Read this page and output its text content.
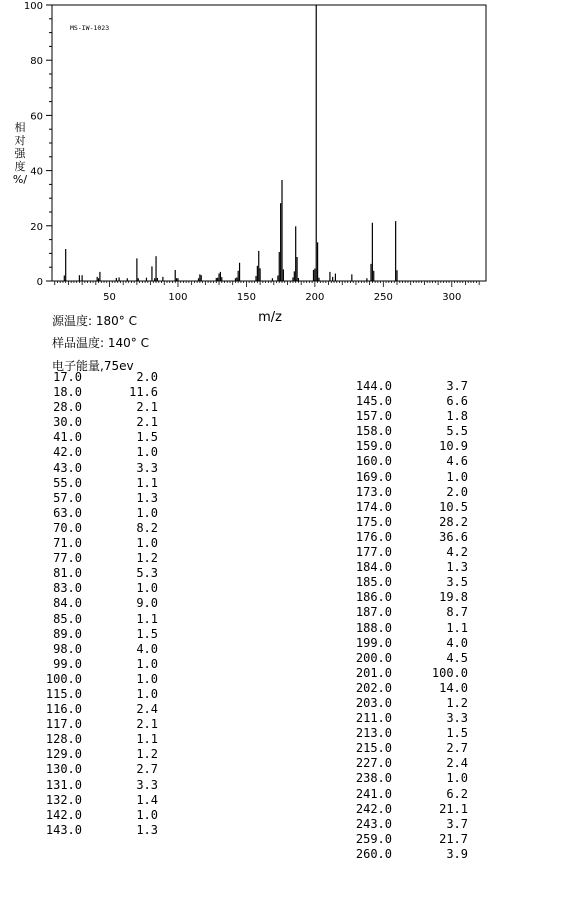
0
20
40
60
80
100
50	100	150	200	250	300
m/z
相
对
强
度
%/
MS-IW-1023
源温度: 180° C
样品温度: 140° C
电子能量,75ev
17.0	2.0
18.0	11.6
28.0	2.1
30.0	2.1
41.0	1.5
42.0	1.0
43.0	3.3
55.0	1.1
57.0	1.3
63.0	1.0
70.0	8.2
71.0	1.0
77.0	1.2
81.0	5.3
83.0	1.0
84.0	9.0
85.0	1.1
89.0	1.5
98.0	4.0
99.0	1.0
100.0	1.0
115.0	1.0
116.0	2.4
117.0	2.1
128.0	1.1
129.0	1.2
130.0	2.7
131.0	3.3
132.0	1.4
142.0	1.0
143.0	1.3
144.0	3.7
145.0	6.6
157.0	1.8
158.0	5.5
159.0	10.9
160.0	4.6
169.0	1.0
173.0	2.0
174.0	10.5
175.0	28.2
176.0	36.6
177.0	4.2
184.0	1.3
185.0	3.5
186.0	19.8
187.0	8.7
188.0	1.1
199.0	4.0
200.0	4.5
201.0	100.0
202.0	14.0
203.0	1.2
211.0	3.3
213.0	1.5
215.0	2.7
227.0	2.4
238.0	1.0
241.0	6.2
242.0	21.1
243.0	3.7
259.0	21.7
260.0	3.9
